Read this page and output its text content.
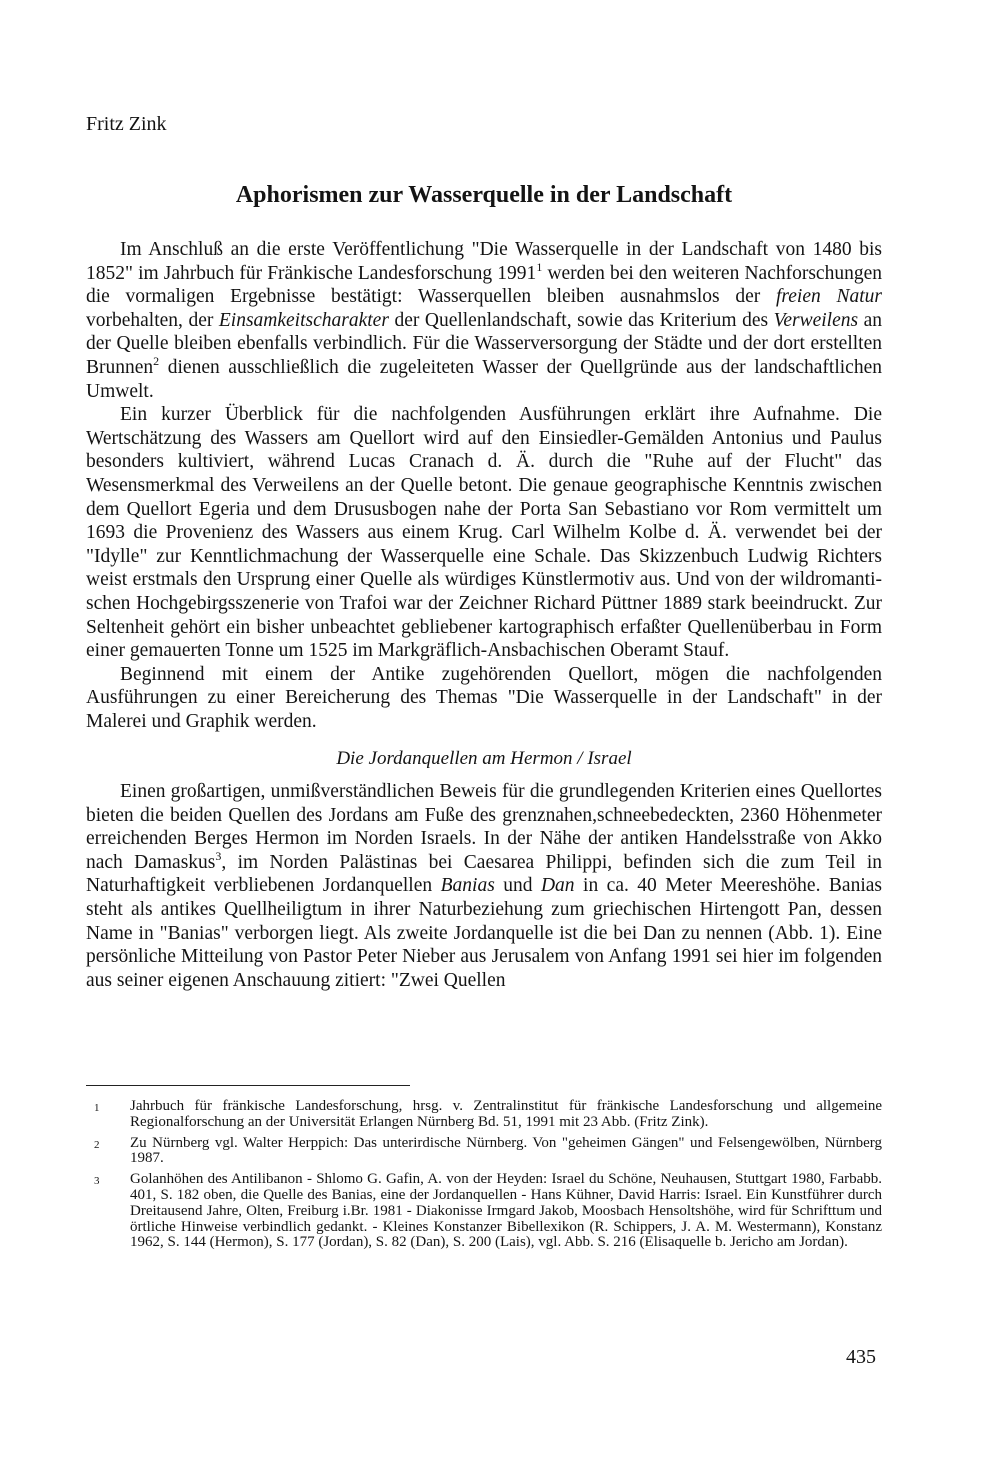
Fritz Zink
Aphorismen zur Wasserquelle in der Landschaft

Im Anschluß an die erste Veröffentlichung "Die Wasserquelle in der Landschaft von 1480 bis 1852" im Jahrbuch für Fränkische Landesforschung 1991$^1$ werden bei den weiteren Nachforschungen die vormaligen Ergebnisse bestätigt: Wasserquellen bleiben ausnahmslos der freien Natur vorbehalten, der Einsamkeitscharakter der Quellenlandschaft, sowie das Kriterium des Verweilens an der Quelle bleiben ebenfalls verbindlich. Für die Wasserversorgung der Städte und der dort erstellten Brunnen$^2$ dienen ausschließlich die zugeleiteten Wasser der Quellgründe aus der landschaftlichen Umwelt.

Ein kurzer Überblick für die nachfolgenden Ausführungen erklärt ihre Aufnahme. Die Wertschätzung des Wassers am Quellort wird auf den Einsiedler-Gemälden Antonius und Paulus besonders kultiviert, während Lucas Cranach d. Ä. durch die "Ruhe auf der Flucht" das Wesensmerkmal des Verweilens an der Quelle betont. Die genaue geographische Kenntnis zwischen dem Quellort Egeria und dem Drususbogen nahe der Porta San Sebastiano vor Rom vermittelt um 1693 die Provenienz des Wassers aus einem Krug. Carl Wilhelm Kolbe d. Ä. verwendet bei der "Idylle" zur Kenntlichmachung der Wasserquelle eine Schale. Das Skizzenbuch Ludwig Richters weist erstmals den Ursprung einer Quelle als würdiges Künstlermotiv aus. Und von der wildromantischen Hochgebirgsszenerie von Trafoi war der Zeichner Richard Püttner 1889 stark beeindruckt. Zur Seltenheit gehört ein bisher unbeachtet gebliebener kartographisch erfaßter Quellenüberbau in Form einer gemauerten Tonne um 1525 im Markgräflich-Ansbachischen Oberamt Stauf.

Beginnend mit einem der Antike zugehörenden Quellort, mögen die nachfolgenden Ausführungen zu einer Bereicherung des Themas "Die Wasserquelle in der Landschaft" in der Malerei und Graphik werden.

Die Jordanquellen am Hermon / Israel

Einen großartigen, unmißverständlichen Beweis für die grundlegenden Kriterien eines Quellortes bieten die beiden Quellen des Jordans am Fuße des grenznahen,schneebedeckten, 2360 Höhenmeter erreichenden Berges Hermon im Norden Israels. In der Nähe der antiken Handelsstraße von Akko nach Damaskus$^3$, im Norden Palästinas bei Caesarea Philippi, befinden sich die zum Teil in Naturhaftigkeit verbliebenen Jordanquellen Banias und Dan in ca. 40 Meter Meereshöhe. Banias steht als antikes Quellheiligtum in ihrer Naturbeziehung zum griechischen Hirtengott Pan, dessen Name in "Banias" verborgen liegt. Als zweite Jordanquelle ist die bei Dan zu nennen (Abb. 1). Eine persönliche Mitteilung von Pastor Peter Nieber aus Jerusalem von Anfang 1991 sei hier im folgenden aus seiner eigenen Anschauung zitiert: "Zwei Quellen

1	Jahrbuch für fränkische Landesforschung, hrsg. v. Zentralinstitut für fränkische Landesforschung und allgemeine Regionalforschung an der Universität Erlangen Nürnberg Bd. 51, 1991 mit 23 Abb. (Fritz Zink).
2	Zu Nürnberg vgl. Walter Herppich: Das unterirdische Nürnberg. Von "geheimen Gängen" und Felsengewölben, Nürnberg 1987.
3	Golanhöhen des Antilibanon - Shlomo G. Gafin, A. von der Heyden: Israel du Schöne, Neuhausen, Stuttgart 1980, Farbabb. 401, S. 182 oben, die Quelle des Banias, eine der Jordanquellen - Hans Kühner, David Harris: Israel. Ein Kunstführer durch Dreitausend Jahre, Olten, Freiburg i.Br. 1981 - Diakonisse Irmgard Jakob, Moosbach Hensoltshöhe, wird für Schrifttum und örtliche Hinweise verbindlich gedankt. - Kleines Konstanzer Bibellexikon (R. Schippers, J. A. M. Westermann), Konstanz 1962, S. 144 (Hermon), S. 177 (Jordan), S. 82 (Dan), S. 200 (Lais), vgl. Abb. S. 216 (Elisaquelle b. Jericho am Jordan).
435
